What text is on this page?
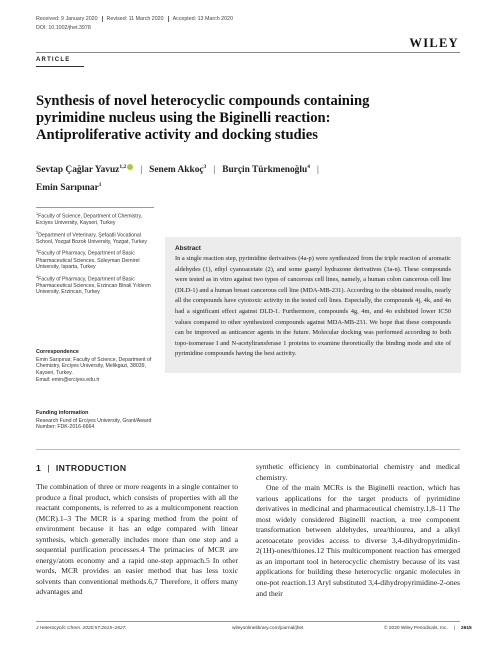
Received: 9 January 2020 Revised: 11 March 2020 Accepted: 13 March 2020
DOI: 10.1002/jhet.3978
WILEY
ARTICLE
Synthesis of novel heterocyclic compounds containing pyrimidine nucleus using the Biginelli reaction: Antiproliferative activity and docking studies
Sevtap Çağlar Yavuz$^{1,2}$ | Senem Akkoç$^3$ | Burçin Türkmenoğlu$^4$ |
Emin Sarıpınar$^1$

$^1$Faculty of Science, Department of Chemistry, Erciyes University, Kayseri, Turkey

$^2$Department of Veterinary, Şefaatli Vocational School, Yozgat Bozok University, Yozgat, Turkey

$^3$Faculty of Pharmacy, Department of Basic Pharmaceutical Sciences, Süleyman Demirel University, Isparta, Turkey

$^4$Faculty of Pharmacy, Department of Basic Pharmaceutical Sciences, Erzincan Binali Yıldırım University, Erzincan, Turkey

Correspondence

Emin Sarıpınar, Faculty of Science, Department of Chemistry, Erciyes University, Melikgazi, 38039, Kayseri, Turkey.

Email: emin@erciyes.edu.tr

Funding information

Research Fund of Erciyes University, Grant/Award Number: FDK-2016-6664

Abstract
In a single reaction step, pyrimidine derivatives (4a-p) were synthesized from the triple reaction of aromatic aldehydes (1), ethyl cyanoacetate (2), and some guanyl hydrazone derivatives (3a-n). These compounds were tested as in vitro against two types of cancerous cell lines, namely, a human colon cancerous cell line (DLD-1) and a human breast cancerous cell line (MDA-MB-231). According to the obtained results, nearly all the compounds have cytotoxic activity in the tested cell lines. Especially, the compounds 4j, 4k, and 4n had a significant effect against DLD-1. Furthermore, compounds 4g, 4m, and 4o exhibited lower IC50 values compared to other synthesized compounds against MDA-MB-231. We hope that these compounds can be improved as anticancer agents in the future. Molecular docking was performed according to both topo-isomerase I and N-acetyltransferase 1 proteins to examine theoretically the binding mode and site of pyrimidine compounds having the best activity.
1 | INTRODUCTION
The combination of three or more reagents in a single container to produce a final product, which consists of properties with all the reactant components, is referred to as a multicomponent reaction (MCR).1–3 The MCR is a sparing method from the point of environment because it has an edge compared with linear synthesis, which generally includes more than one step and a sequential purification processes.4 The primacies of MCR are energy/atom economy and a rapid one-step approach.5 In other words, MCR provides an easier method that has less toxic solvents than conventional methods.6,7 Therefore, it offers many advantages and

synthetic efficiency in combinatorial chemistry and medical chemistry.

One of the main MCRs is the Biginelli reaction, which has various applications for the target products of pyrimidine derivatives in medicinal and pharmaceutical chemistry.1,8–11 The most widely considered Biginelli reaction, a tree component transformation between aldehydes, urea/thiourea, and a alkyl acetoacetate provides access to diverse 3,4-dihydropyrimidin-2(1H)-ones/thiones.12 This multicomponent reaction has emerged as an important tool in heterocyclic chemistry because of its vast applications for building these heterocyclic organic molecules in one-pot reaction.13 Aryl substituted 3,4-dihydropyrimidine-2-ones and their

J Heterocyclic Chem. 2020;57:2615–2627.	wileyonlinelibrary.com/journal/jhet	© 2020 Wiley Periodicals, Inc. | 2615
